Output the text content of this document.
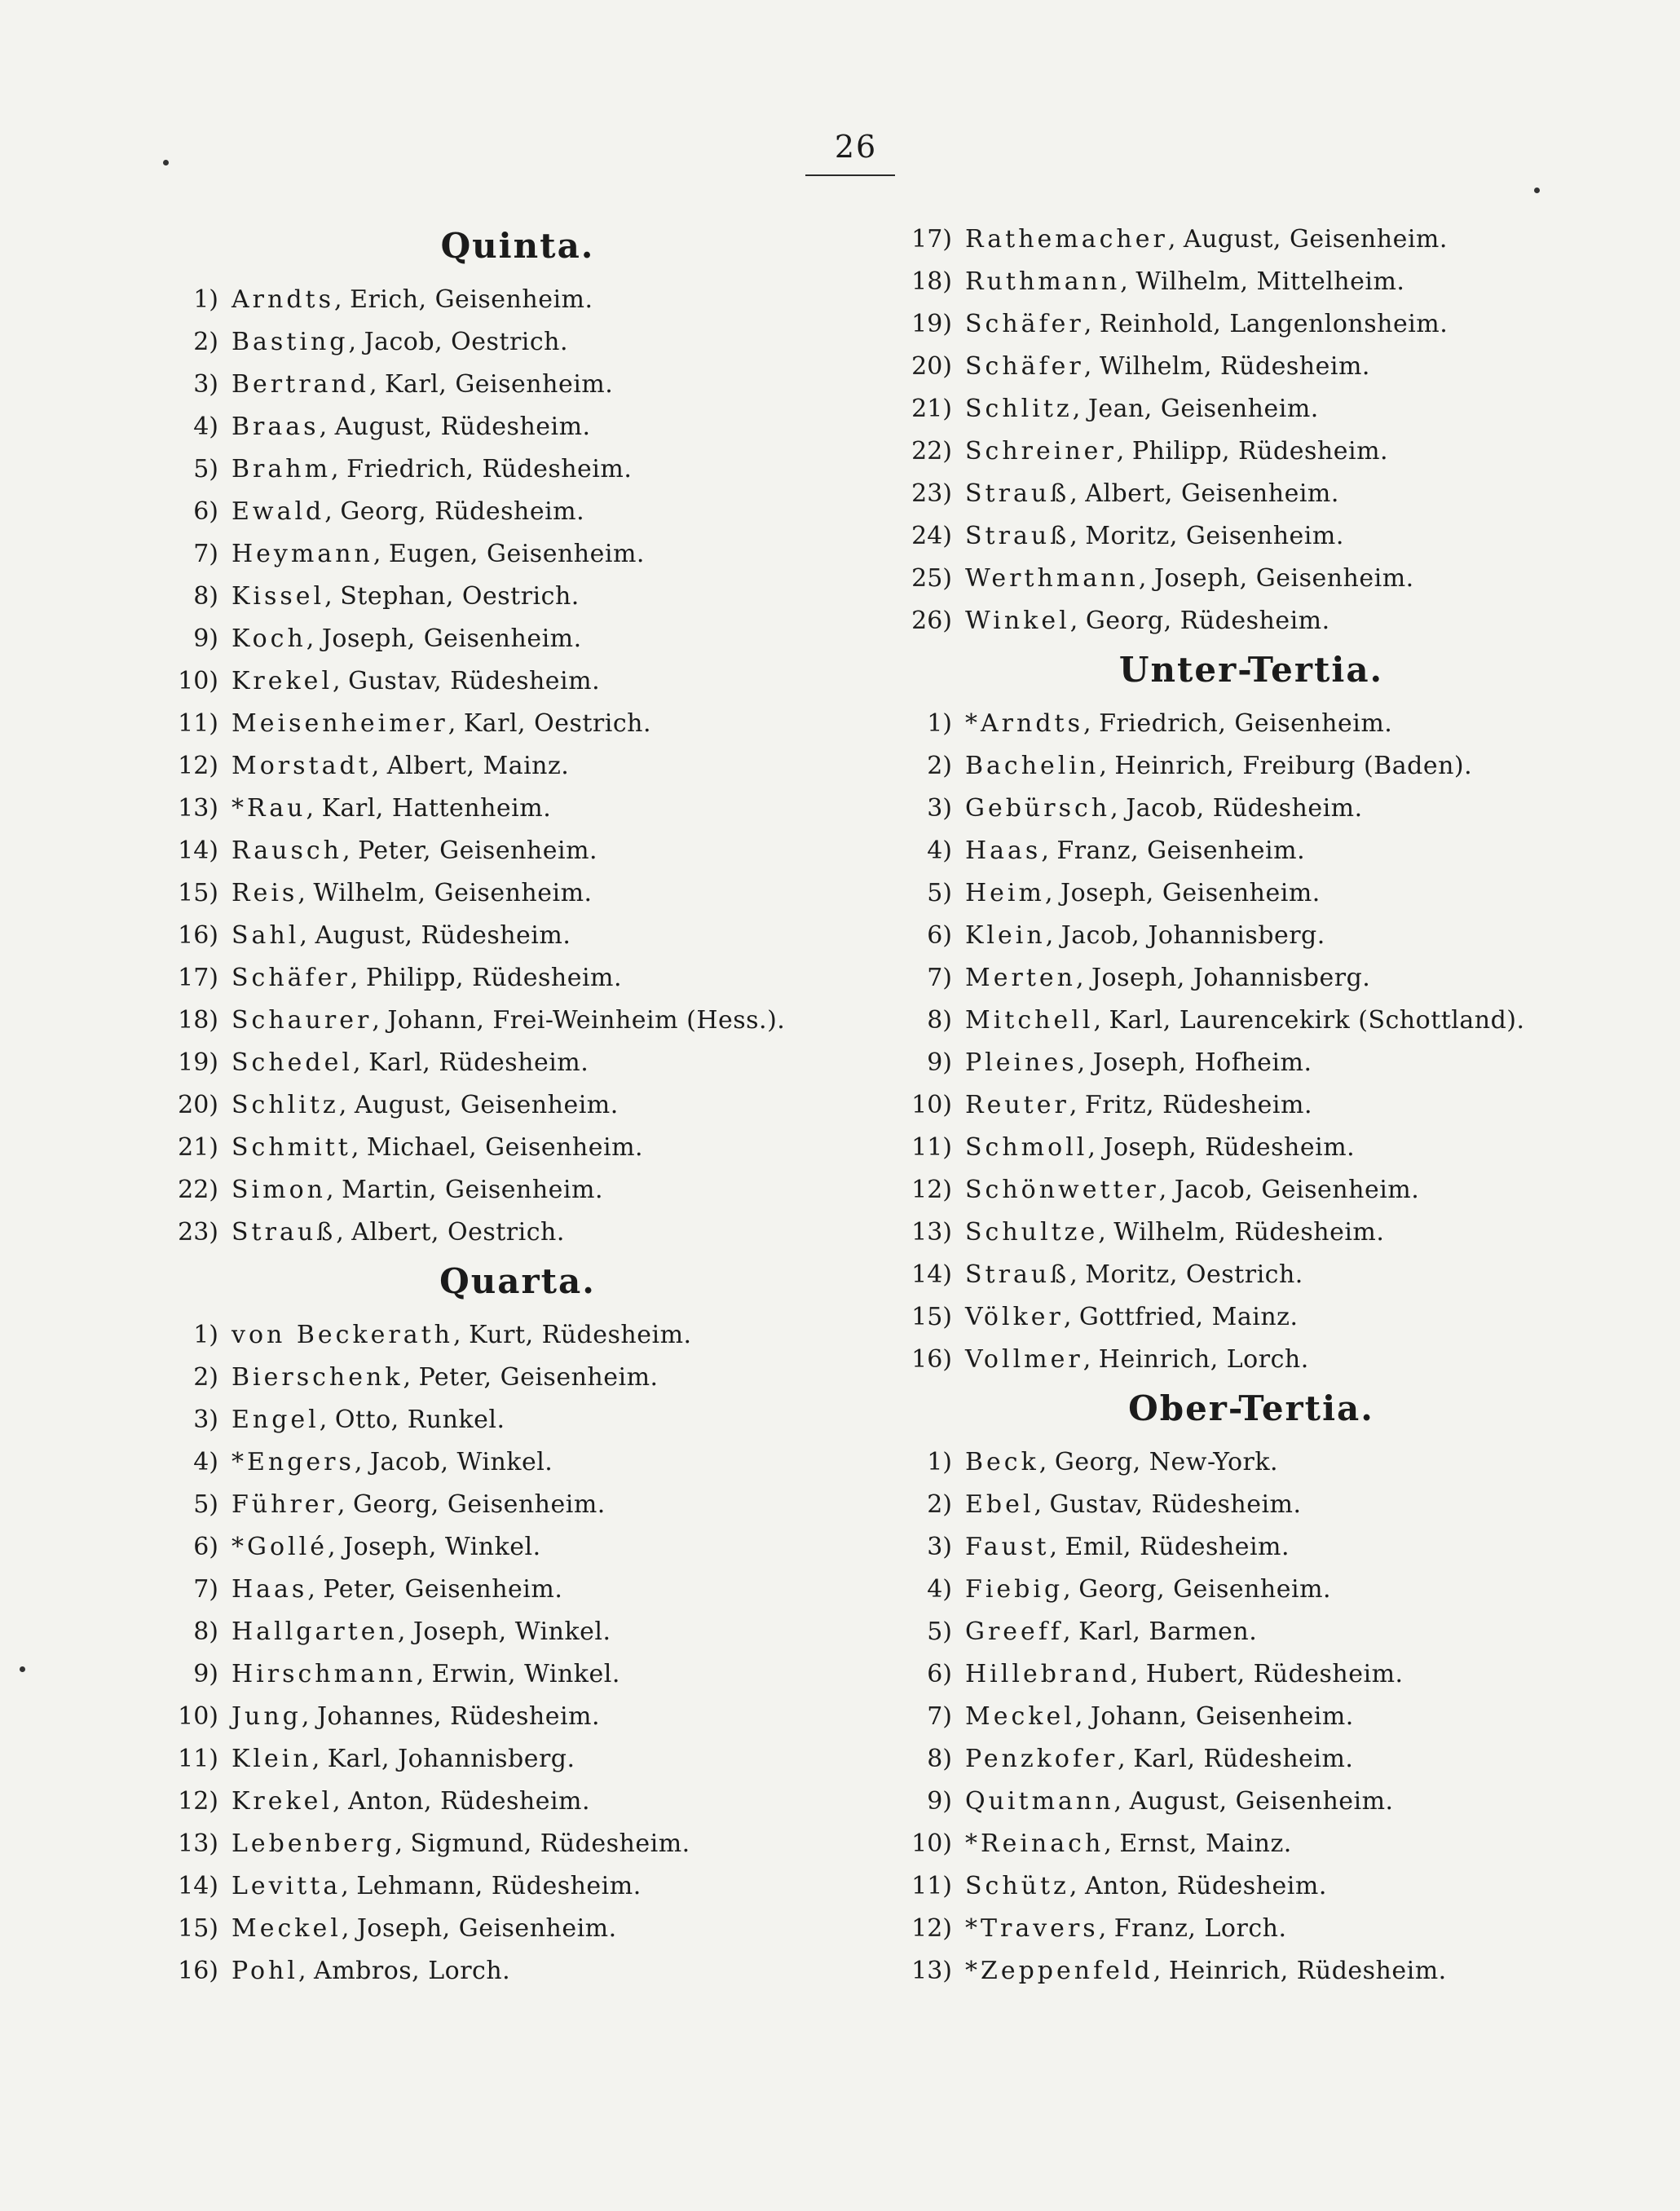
26
Quinta.
1) Arndts , Erich, Geisenheim.
2) Basting , Jacob, Oestrich.
3) Bertrand , Karl, Geisenheim.
4) Braas , August, Rüdesheim.
5) Brahm , Friedrich, Rüdesheim.
6) Ewald , Georg, Rüdesheim.
7) Heymann , Eugen, Geisenheim.
8) Kissel , Stephan, Oestrich.
9) Koch , Joseph, Geisenheim.
10) Krekel , Gustav, Rüdesheim.
11) Meisenheimer , Karl, Oestrich.
12) Morstadt , Albert, Mainz.
13) *Rau , Karl, Hattenheim.
14) Rausch , Peter, Geisenheim.
15) Reis , Wilhelm, Geisenheim.
16) Sahl , August, Rüdesheim.
17) Schäfer , Philipp, Rüdesheim.
18) Schaurer , Johann, Frei-Weinheim (Hess.).
19) Schedel , Karl, Rüdesheim.
20) Schlitz , August, Geisenheim.
21) Schmitt , Michael, Geisenheim.
22) Simon , Martin, Geisenheim.
23) Strauß , Albert, Oestrich.
Quarta.
1) von Beckerath , Kurt, Rüdesheim.
2) Bierschenk , Peter, Geisenheim.
3) Engel , Otto, Runkel.
4) *Engers , Jacob, Winkel.
5) Führer , Georg, Geisenheim.
6) *Gollé , Joseph, Winkel.
7) Haas , Peter, Geisenheim.
8) Hallgarten , Joseph, Winkel.
9) Hirschmann , Erwin, Winkel.
10) Jung , Johannes, Rüdesheim.
11) Klein , Karl, Johannisberg.
12) Krekel , Anton, Rüdesheim.
13) Lebenberg , Sigmund, Rüdesheim.
14) Levitta , Lehmann, Rüdesheim.
15) Meckel , Joseph, Geisenheim.
16) Pohl , Ambros, Lorch.
17) Rathemacher , August, Geisenheim.
18) Ruthmann , Wilhelm, Mittelheim.
19) Schäfer , Reinhold, Langenlonsheim.
20) Schäfer , Wilhelm, Rüdesheim.
21) Schlitz , Jean, Geisenheim.
22) Schreiner , Philipp, Rüdesheim.
23) Strauß , Albert, Geisenheim.
24) Strauß , Moritz, Geisenheim.
25) Werthmann , Joseph, Geisenheim.
26) Winkel , Georg, Rüdesheim.
Unter-Tertia.
1) *Arndts , Friedrich, Geisenheim.
2) Bachelin , Heinrich, Freiburg (Baden).
3) Gebürsch , Jacob, Rüdesheim.
4) Haas , Franz, Geisenheim.
5) Heim , Joseph, Geisenheim.
6) Klein , Jacob, Johannisberg.
7) Merten , Joseph, Johannisberg.
8) Mitchell , Karl, Laurencekirk (Schottland).
9) Pleines , Joseph, Hofheim.
10) Reuter , Fritz, Rüdesheim.
11) Schmoll , Joseph, Rüdesheim.
12) Schönwetter , Jacob, Geisenheim.
13) Schultze , Wilhelm, Rüdesheim.
14) Strauß , Moritz, Oestrich.
15) Völker , Gottfried, Mainz.
16) Vollmer , Heinrich, Lorch.
Ober-Tertia.
1) Beck , Georg, New-York.
2) Ebel , Gustav, Rüdesheim.
3) Faust , Emil, Rüdesheim.
4) Fiebig , Georg, Geisenheim.
5) Greeff , Karl, Barmen.
6) Hillebrand , Hubert, Rüdesheim.
7) Meckel , Johann, Geisenheim.
8) Penzkofer , Karl, Rüdesheim.
9) Quitmann , August, Geisenheim.
10) *Reinach , Ernst, Mainz.
11) Schütz , Anton, Rüdesheim.
12) *Travers , Franz, Lorch.
13) *Zeppenfeld , Heinrich, Rüdesheim.
